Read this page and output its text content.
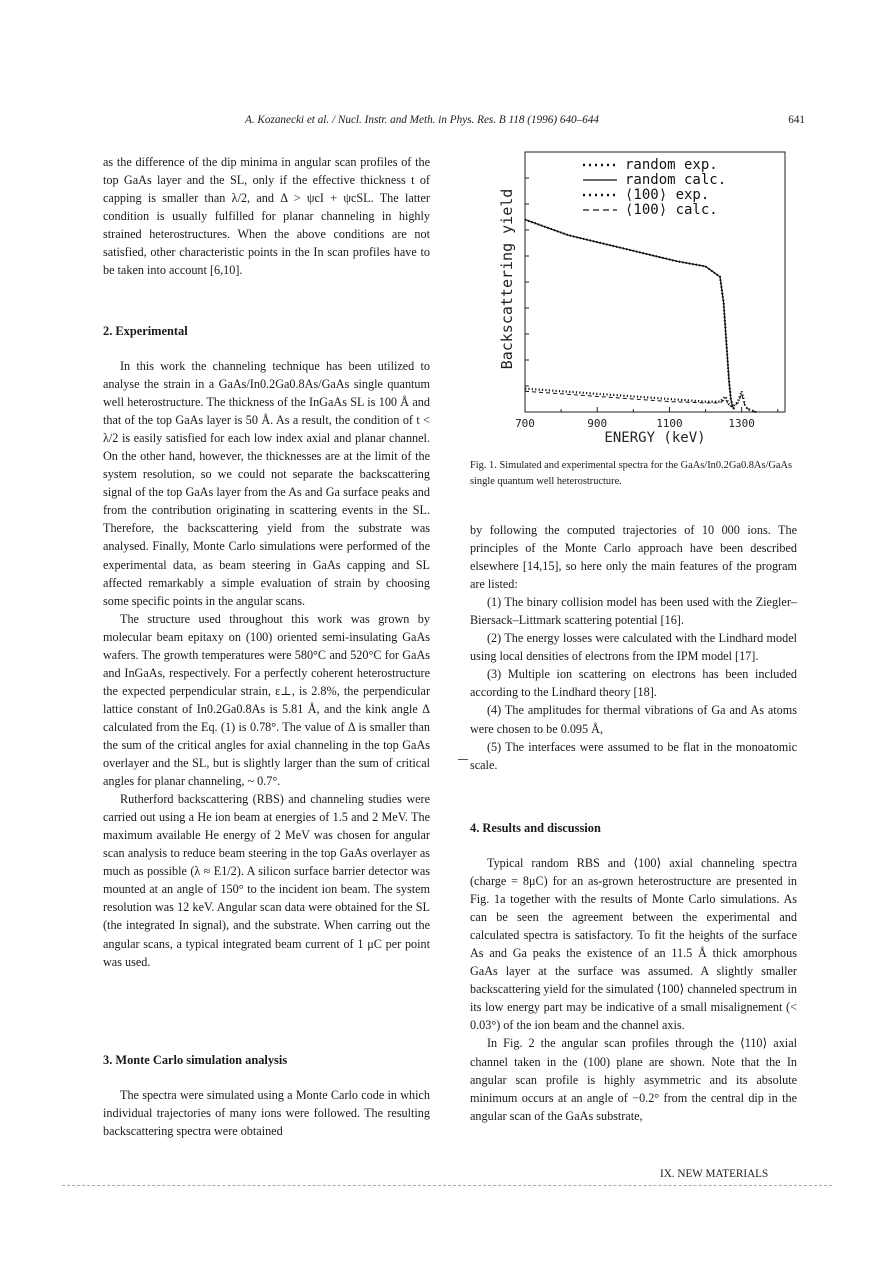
A. Kozanecki et al. / Nucl. Instr. and Meth. in Phys. Res. B 118 (1996) 640–644	641

as the difference of the dip minima in angular scan profiles of the top GaAs layer and the SL, only if the effective thickness t of capping is smaller than λ/2, and Δ > ψcI + ψcSL. The latter condition is usually fulfilled for planar channeling in highly strained heterostructures. When the above conditions are not satisfied, other characteristic points in the In scan profiles have to be taken into account [6,10].

2. Experimental

In this work the channeling technique has been utilized to analyse the strain in a GaAs/In0.2Ga0.8As/GaAs single quantum well heterostructure. The thickness of the InGaAs SL is 100 Å and that of the top GaAs layer is 50 Å. As a result, the condition of t < λ/2 is easily satisfied for each low index axial and planar channel. On the other hand, however, the thicknesses are at the limit of the system resolution, so we could not separate the backscattering signal of the top GaAs layer from the As and Ga surface peaks and from the contribution originating in scattering events in the SL. Therefore, the backscattering yield from the substrate was analysed. Finally, Monte Carlo simulations were performed of the experimental data, as beam steering in GaAs capping and SL affected remarkably a simple evaluation of strain by choosing some specific points in the angular scans.

The structure used throughout this work was grown by molecular beam epitaxy on (100) oriented semi-insulating GaAs wafers. The growth temperatures were 580°C and 520°C for GaAs and InGaAs, respectively. For a perfectly coherent heterostructure the expected perpendicular strain, ε⊥, is 2.8%, the perpendicular lattice constant of In0.2Ga0.8As is 5.81 Å, and the kink angle Δ calculated from the Eq. (1) is 0.78°. The value of Δ is smaller than the sum of the critical angles for axial channeling in the top GaAs overlayer and the SL, but is slightly larger than the sum of critical angles for planar channeling, ~ 0.7°.

Rutherford backscattering (RBS) and channeling studies were carried out using a He ion beam at energies of 1.5 and 2 MeV. The maximum available He energy of 2 MeV was chosen for angular scan analysis to reduce beam steering in the top GaAs overlayer as much as possible (λ ≈ E1/2). A silicon surface barrier detector was mounted at an angle of 150° to the incident ion beam. The system resolution was 12 keV. Angular scan data were obtained for the SL (the integrated In signal), and the substrate. When carring out the angular scans, a typical integrated beam current of 1 μC per point was used.

3. Monte Carlo simulation analysis

The spectra were simulated using a Monte Carlo code in which individual trajectories of many ions were followed. The resulting backscattering spectra were obtained

random exp.
random calc.
⟨100⟩ exp.
⟨100⟩ calc.
700	900	1100	1300
Backscattering yield
ENERGY (keV)
Fig. 1. Simulated and experimental spectra for the GaAs/In0.2Ga0.8As/GaAs single quantum well heterostructure.

by following the computed trajectories of 10 000 ions. The principles of the Monte Carlo approach have been described elsewhere [14,15], so here only the main features of the program are listed:

(1) The binary collision model has been used with the Ziegler–Biersack–Littmark scattering potential [16].

(2) The energy losses were calculated with the Lindhard model using local densities of electrons from the IPM model [17].

(3) Multiple ion scattering on electrons has been included according to the Lindhard theory [18].

(4) The amplitudes for thermal vibrations of Ga and As atoms were chosen to be 0.095 Å,

(5) The interfaces were assumed to be flat in the monoatomic scale.

4. Results and discussion

Typical random RBS and ⟨100⟩ axial channeling spectra (charge = 8μC) for an as-grown heterostructure are presented in Fig. 1a together with the results of Monte Carlo simulations. As can be seen the agreement between the experimental and calculated spectra is satisfactory. To fit the heights of the surface As and Ga peaks the existence of an 11.5 Å thick amorphous GaAs layer at the surface was assumed. A slightly smaller backscattering yield for the simulated ⟨100⟩ channeled spectrum in its low energy part may be indicative of a small misalignement (< 0.03°) of the ion beam and the channel axis.

In Fig. 2 the angular scan profiles through the ⟨110⟩ axial channel taken in the (100) plane are shown. Note that the In angular scan profile is highly asymmetric and its absolute minimum occurs at an angle of −0.2° from the central dip in the angular scan of the GaAs substrate,

IX. NEW MATERIALS
